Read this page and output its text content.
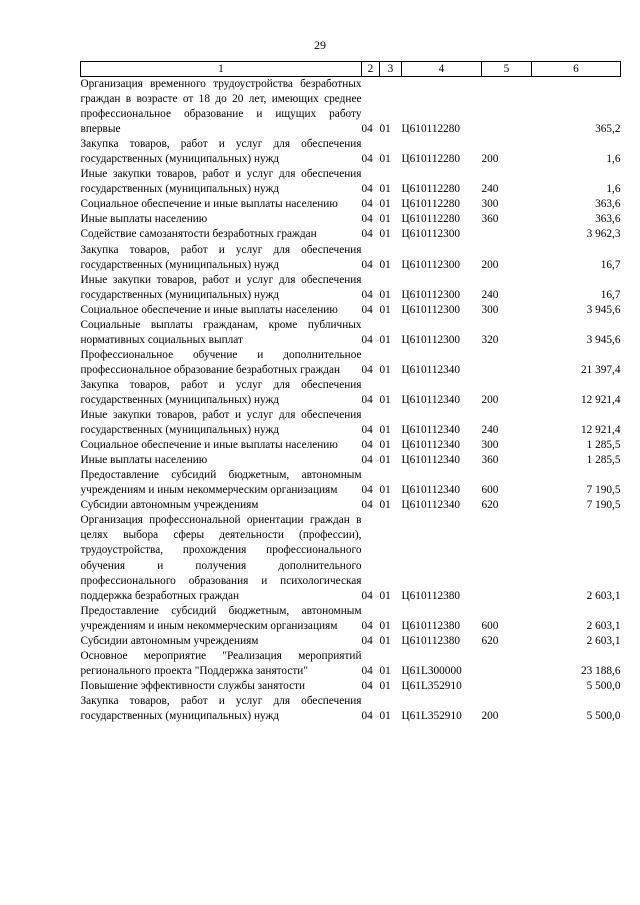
29
1	2	3	4	5	6
Организация временного трудоустройства безработных граждан в возрасте от 18 до 20 лет, имеющих среднее профессиональное образование и ищущих работу впервые	04	01	Ц610112280		365,2
Закупка товаров, работ и услуг для обеспечения государственных (муниципальных) нужд	04	01	Ц610112280	200	1,6
Иные закупки товаров, работ и услуг для обеспечения государственных (муниципальных) нужд	04	01	Ц610112280	240	1,6
Социальное обеспечение и иные выплаты населению	04	01	Ц610112280	300	363,6
Иные выплаты населению	04	01	Ц610112280	360	363,6
Содействие самозанятости безработных граждан	04	01	Ц610112300		3 962,3
Закупка товаров, работ и услуг для обеспечения государственных (муниципальных) нужд	04	01	Ц610112300	200	16,7
Иные закупки товаров, работ и услуг для обеспечения государственных (муниципальных) нужд	04	01	Ц610112300	240	16,7
Социальное обеспечение и иные выплаты населению	04	01	Ц610112300	300	3 945,6
Социальные выплаты гражданам, кроме публичных нормативных социальных выплат	04	01	Ц610112300	320	3 945,6
Профессиональное обучение и дополнительное профессиональное образование безработных граждан	04	01	Ц610112340		21 397,4
Закупка товаров, работ и услуг для обеспечения государственных (муниципальных) нужд	04	01	Ц610112340	200	12 921,4
Иные закупки товаров, работ и услуг для обеспечения государственных (муниципальных) нужд	04	01	Ц610112340	240	12 921,4
Социальное обеспечение и иные выплаты населению	04	01	Ц610112340	300	1 285,5
Иные выплаты населению	04	01	Ц610112340	360	1 285,5
Предоставление субсидий бюджетным, автономным учреждениям и иным некоммерческим организациям	04	01	Ц610112340	600	7 190,5
Субсидии автономным учреждениям	04	01	Ц610112340	620	7 190,5
Организация профессиональной ориентации граждан в целях выбора сферы деятельности (профессии), трудоустройства, прохождения профессионального обучения и получения дополнительного профессионального образования и психологическая поддержка безработных граждан	04	01	Ц610112380		2 603,1
Предоставление субсидий бюджетным, автономным учреждениям и иным некоммерческим организациям	04	01	Ц610112380	600	2 603,1
Субсидии автономным учреждениям	04	01	Ц610112380	620	2 603,1
Основное мероприятие "Реализация мероприятий регионального проекта "Поддержка занятости"	04	01	Ц61L300000		23 188,6
Повышение эффективности службы занятости	04	01	Ц61L352910		5 500,0
Закупка товаров, работ и услуг для обеспечения государственных (муниципальных) нужд	04	01	Ц61L352910	200	5 500,0
